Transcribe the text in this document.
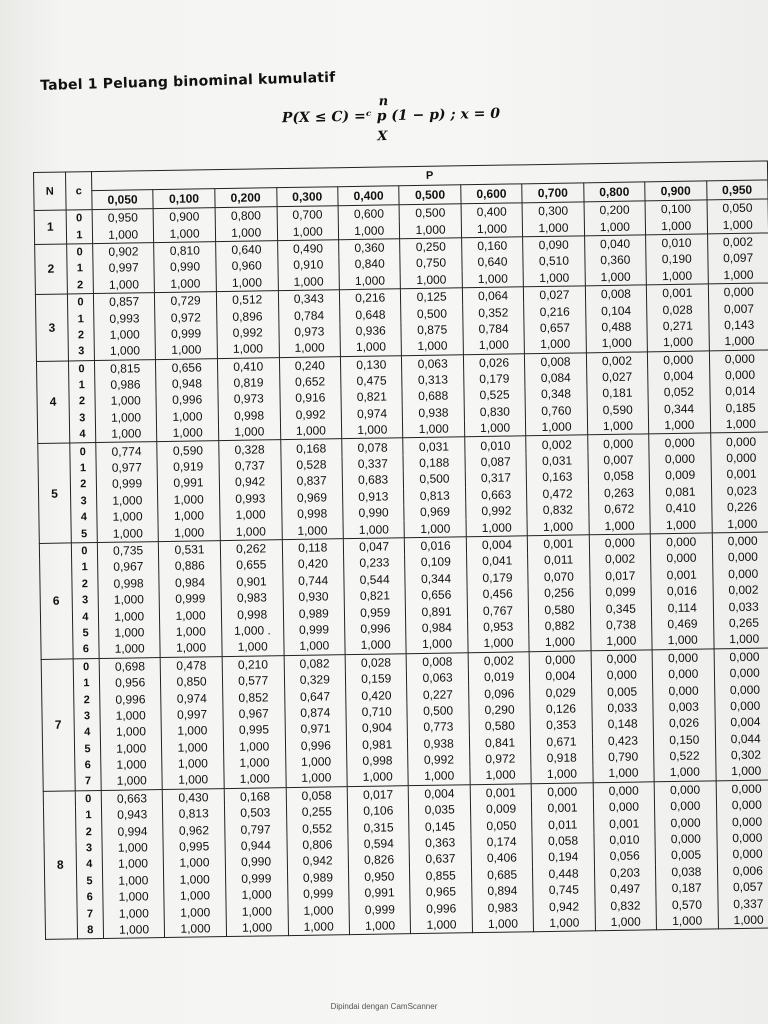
Tabel 1 Peluang binominal kumulatif
n
P(X ≤ C) =ᶜ p (1 − p) ; x = 0
X
N	c	P										
		0,050	0,100	0,200	0,300	0,400	0,500	0,600	0,700	0,800	0,900	0,950
1	0	0,950	0,900	0,800	0,700	0,600	0,500	0,400	0,300	0,200	0,100	0,050
	1	1,000	1,000	1,000	1,000	1,000	1,000	1,000	1,000	1,000	1,000	1,000
2	0	0,902	0,810	0,640	0,490	0,360	0,250	0,160	0,090	0,040	0,010	0,002
	1	0,997	0,990	0,960	0,910	0,840	0,750	0,640	0,510	0,360	0,190	0,097
	2	1,000	1,000	1,000	1,000	1,000	1,000	1,000	1,000	1,000	1,000	1,000
3	0	0,857	0,729	0,512	0,343	0,216	0,125	0,064	0,027	0,008	0,001	0,000
	1	0,993	0,972	0,896	0,784	0,648	0,500	0,352	0,216	0,104	0,028	0,007
	2	1,000	0,999	0,992	0,973	0,936	0,875	0,784	0,657	0,488	0,271	0,143
	3	1,000	1,000	1,000	1,000	1,000	1,000	1,000	1,000	1,000	1,000	1,000
4	0	0,815	0,656	0,410	0,240	0,130	0,063	0,026	0,008	0,002	0,000	0,000
	1	0,986	0,948	0,819	0,652	0,475	0,313	0,179	0,084	0,027	0,004	0,000
	2	1,000	0,996	0,973	0,916	0,821	0,688	0,525	0,348	0,181	0,052	0,014
	3	1,000	1,000	0,998	0,992	0,974	0,938	0,830	0,760	0,590	0,344	0,185
	4	1,000	1,000	1,000	1,000	1,000	1,000	1,000	1,000	1,000	1,000	1,000
5	0	0,774	0,590	0,328	0,168	0,078	0,031	0,010	0,002	0,000	0,000	0,000
	1	0,977	0,919	0,737	0,528	0,337	0,188	0,087	0,031	0,007	0,000	0,000
	2	0,999	0,991	0,942	0,837	0,683	0,500	0,317	0,163	0,058	0,009	0,001
	3	1,000	1,000	0,993	0,969	0,913	0,813	0,663	0,472	0,263	0,081	0,023
	4	1,000	1,000	1,000	0,998	0,990	0,969	0,992	0,832	0,672	0,410	0,226
	5	1,000	1,000	1,000	1,000	1,000	1,000	1,000	1,000	1,000	1,000	1,000
6	0	0,735	0,531	0,262	0,118	0,047	0,016	0,004	0,001	0,000	0,000	0,000
	1	0,967	0,886	0,655	0,420	0,233	0,109	0,041	0,011	0,002	0,000	0,000
	2	0,998	0,984	0,901	0,744	0,544	0,344	0,179	0,070	0,017	0,001	0,000
	3	1,000	0,999	0,983	0,930	0,821	0,656	0,456	0,256	0,099	0,016	0,002
	4	1,000	1,000	0,998	0,989	0,959	0,891	0,767	0,580	0,345	0,114	0,033
	5	1,000	1,000	1,000 .	0,999	0,996	0,984	0,953	0,882	0,738	0,469	0,265
	6	1,000	1,000	1,000	1,000	1,000	1,000	1,000	1,000	1,000	1,000	1,000
7	0	0,698	0,478	0,210	0,082	0,028	0,008	0,002	0,000	0,000	0,000	0,000
	1	0,956	0,850	0,577	0,329	0,159	0,063	0,019	0,004	0,000	0,000	0,000
	2	0,996	0,974	0,852	0,647	0,420	0,227	0,096	0,029	0,005	0,000	0,000
	3	1,000	0,997	0,967	0,874	0,710	0,500	0,290	0,126	0,033	0,003	0,000
	4	1,000	1,000	0,995	0,971	0,904	0,773	0,580	0,353	0,148	0,026	0,004
	5	1,000	1,000	1,000	0,996	0,981	0,938	0,841	0,671	0,423	0,150	0,044
	6	1,000	1,000	1,000	1,000	0,998	0,992	0,972	0,918	0,790	0,522	0,302
	7	1,000	1,000	1,000	1,000	1,000	1,000	1,000	1,000	1,000	1,000	1,000
8	0	0,663	0,430	0,168	0,058	0,017	0,004	0,001	0,000	0,000	0,000	0,000
	1	0,943	0,813	0,503	0,255	0,106	0,035	0,009	0,001	0,000	0,000	0,000
	2	0,994	0,962	0,797	0,552	0,315	0,145	0,050	0,011	0,001	0,000	0,000
	3	1,000	0,995	0,944	0,806	0,594	0,363	0,174	0,058	0,010	0,000	0,000
	4	1,000	1,000	0,990	0,942	0,826	0,637	0,406	0,194	0,056	0,005	0,000
	5	1,000	1,000	0,999	0,989	0,950	0,855	0,685	0,448	0,203	0,038	0,006
	6	1,000	1,000	1,000	0,999	0,991	0,965	0,894	0,745	0,497	0,187	0,057
	7	1,000	1,000	1,000	1,000	0,999	0,996	0,983	0,942	0,832	0,570	0,337
	8	1,000	1,000	1,000	1,000	1,000	1,000	1,000	1,000	1,000	1,000	1,000
Dipindai dengan CamScanner
